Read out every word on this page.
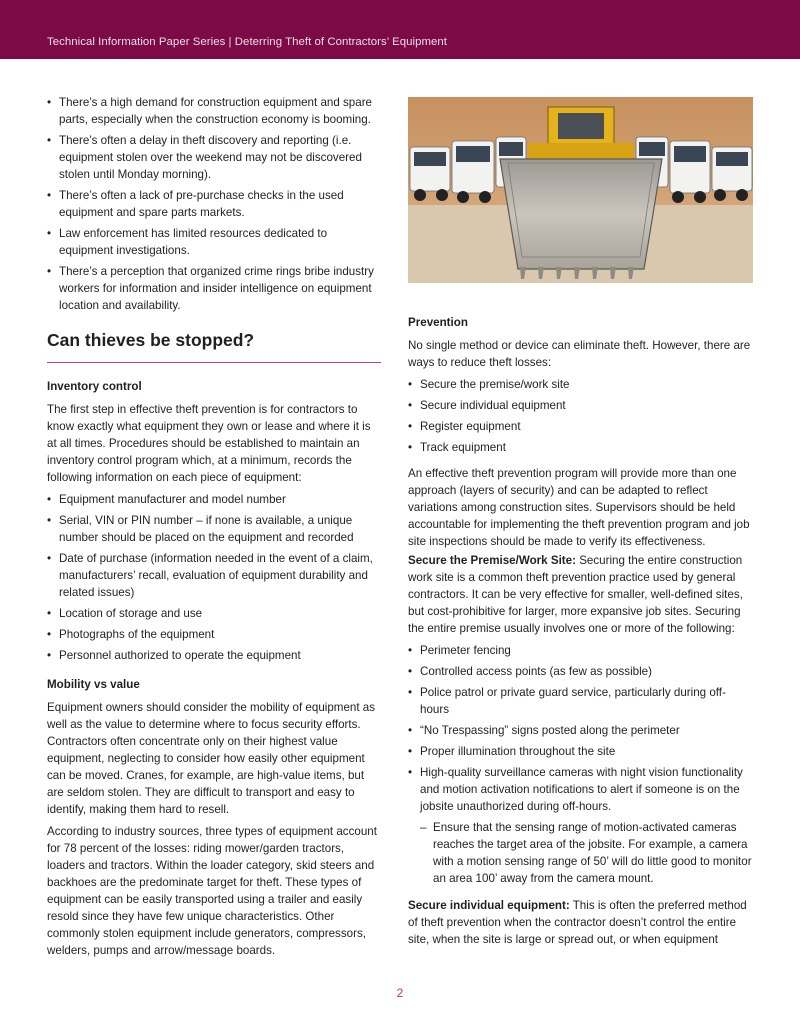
Technical Information Paper Series | Deterring Theft of Contractors’ Equipment
• There’s a high demand for construction equipment and spare parts, especially when the construction economy is booming.
• There’s often a delay in theft discovery and reporting (i.e. equipment stolen over the weekend may not be discovered stolen until Monday morning).
• There’s often a lack of pre-purchase checks in the used equipment and spare parts markets.
• Law enforcement has limited resources dedicated to equipment investigations.
• There’s a perception that organized crime rings bribe industry workers for information and insider intelligence on equipment location and availability.
Can thieves be stopped?
Inventory control

The first step in effective theft prevention is for contractors to know exactly what equipment they own or lease and where it is at all times. Procedures should be established to maintain an inventory control program which, at a minimum, records the following information on each piece of equipment:

• Equipment manufacturer and model number
• Serial, VIN or PIN number – if none is available, a unique number should be placed on the equipment and recorded
• Date of purchase (information needed in the event of a claim, manufacturers’ recall, evaluation of equipment durability and related issues)
• Location of storage and use
• Photographs of the equipment
• Personnel authorized to operate the equipment
Mobility vs value

Equipment owners should consider the mobility of equipment as well as the value to determine where to focus security efforts. Contractors often concentrate only on their highest value equipment, neglecting to consider how easily other equipment can be moved. Cranes, for example, are high-value items, but are seldom stolen. They are difficult to transport and easy to identify, making them hard to resell.

According to industry sources, three types of equipment account for 78 percent of the losses: riding mower/garden tractors, loaders and tractors. Within the loader category, skid steers and backhoes are the predominate target for theft. These types of equipment can be easily transported using a trailer and easily resold since they have few unique characteristics. Other commonly stolen equipment include generators, compressors, welders, pumps and arrow/message boards.

Prevention

No single method or device can eliminate theft. However, there are ways to reduce theft losses:

• Secure the premise/work site
• Secure individual equipment
• Register equipment
• Track equipment

An effective theft prevention program will provide more than one approach (layers of security) and can be adapted to reflect variations among construction sites. Supervisors should be held accountable for implementing the theft prevention program and job site inspections should be made to verify its effectiveness.

Secure the Premise/Work Site: Securing the entire construction work site is a common theft prevention practice used by general contractors. It can be very effective for smaller, well-defined sites, but cost-prohibitive for larger, more expansive job sites. Securing the entire premise usually involves one or more of the following:

• Perimeter fencing
• Controlled access points (as few as possible)
• Police patrol or private guard service, particularly during off-hours
• “No Trespassing” signs posted along the perimeter
• Proper illumination throughout the site
• High-quality surveillance cameras with night vision functionality and motion activation notifications to alert if someone is on the jobsite unauthorized during off-hours.
– Ensure that the sensing range of motion-activated cameras reaches the target area of the jobsite. For example, a camera with a motion sensing range of 50’ will do little good to monitor an area 100’ away from the camera mount.

Secure individual equipment: This is often the preferred method of theft prevention when the contractor doesn’t control the entire site, when the site is large or spread out, or when equipment

2
